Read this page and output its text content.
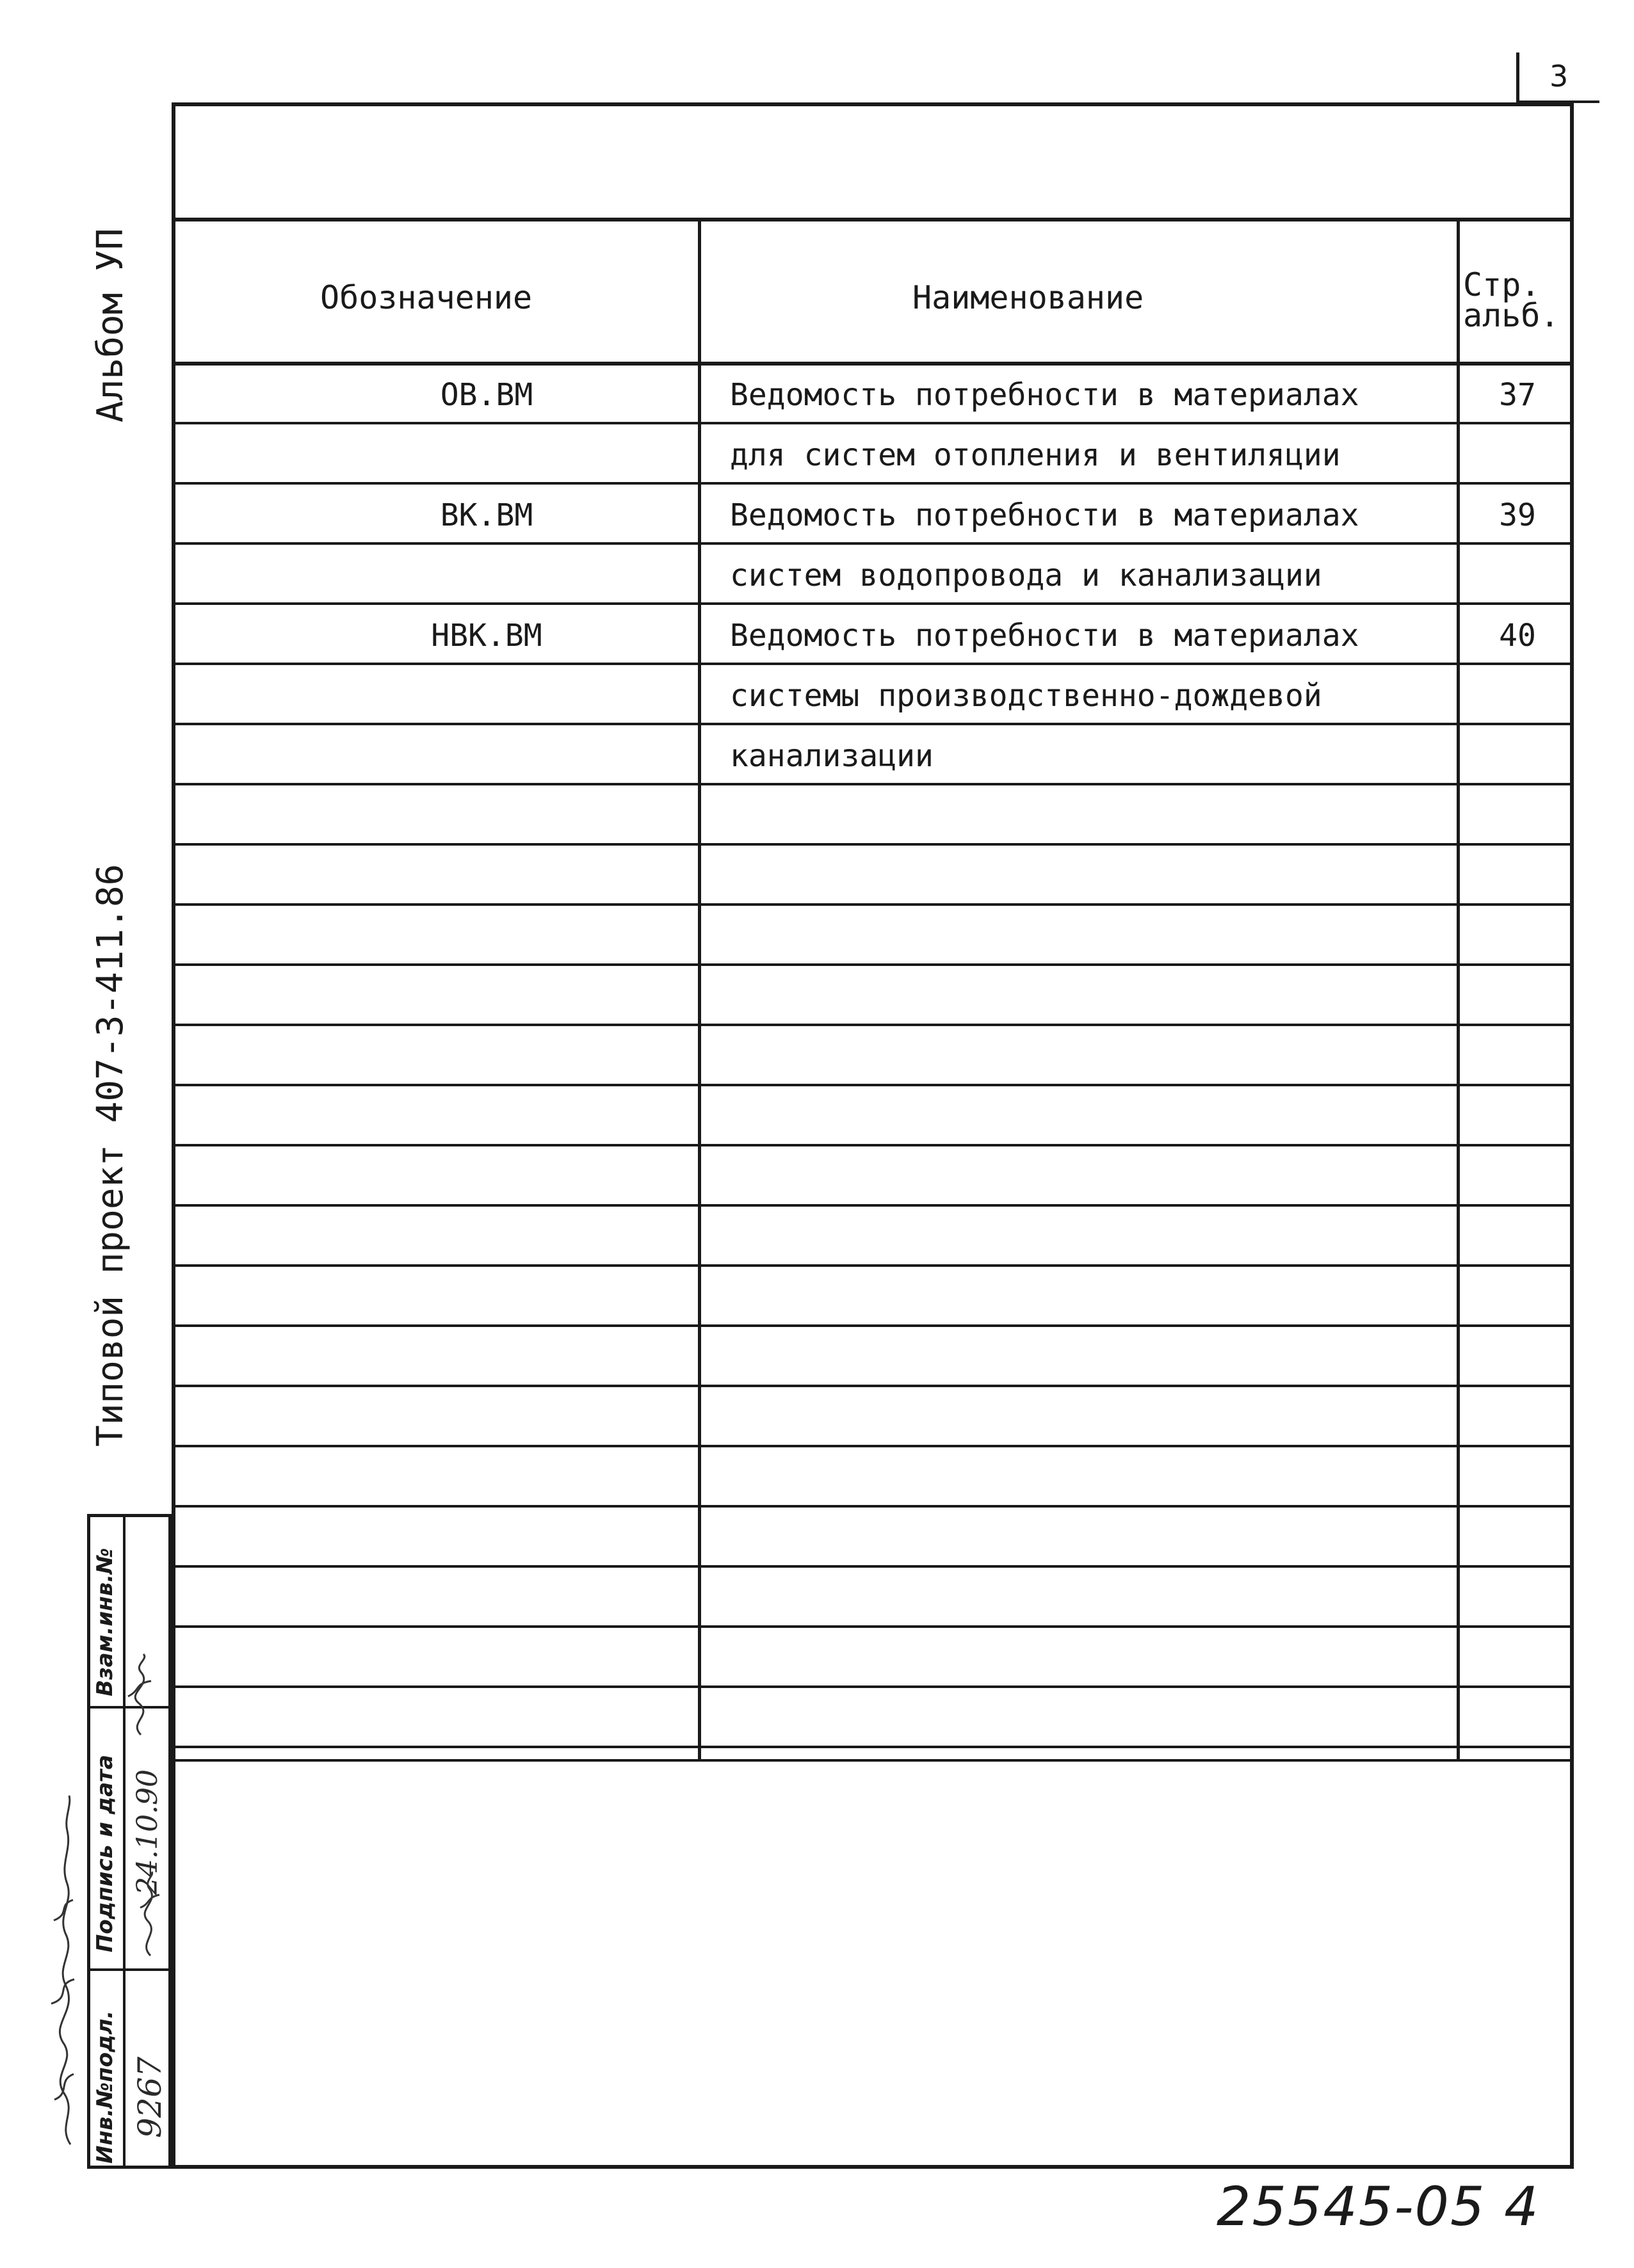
3
Обозначение	Наименование	Стр.
альб.
ОВ.ВМ	Ведомость потребности в материалах	37
для систем отопления и вентиляции
ВК.ВМ	Ведомость потребности в материалах	39
систем водопровода и канализации
НВК.ВМ	Ведомость потребности в материалах	40
системы производственно-дождевой
канализации
Альбом УП
Типовой проект 407-3-411.86
Взам.инв.№
Подпись и дата
Инв.№подл.
24.10.90
9267
25545-05 4
